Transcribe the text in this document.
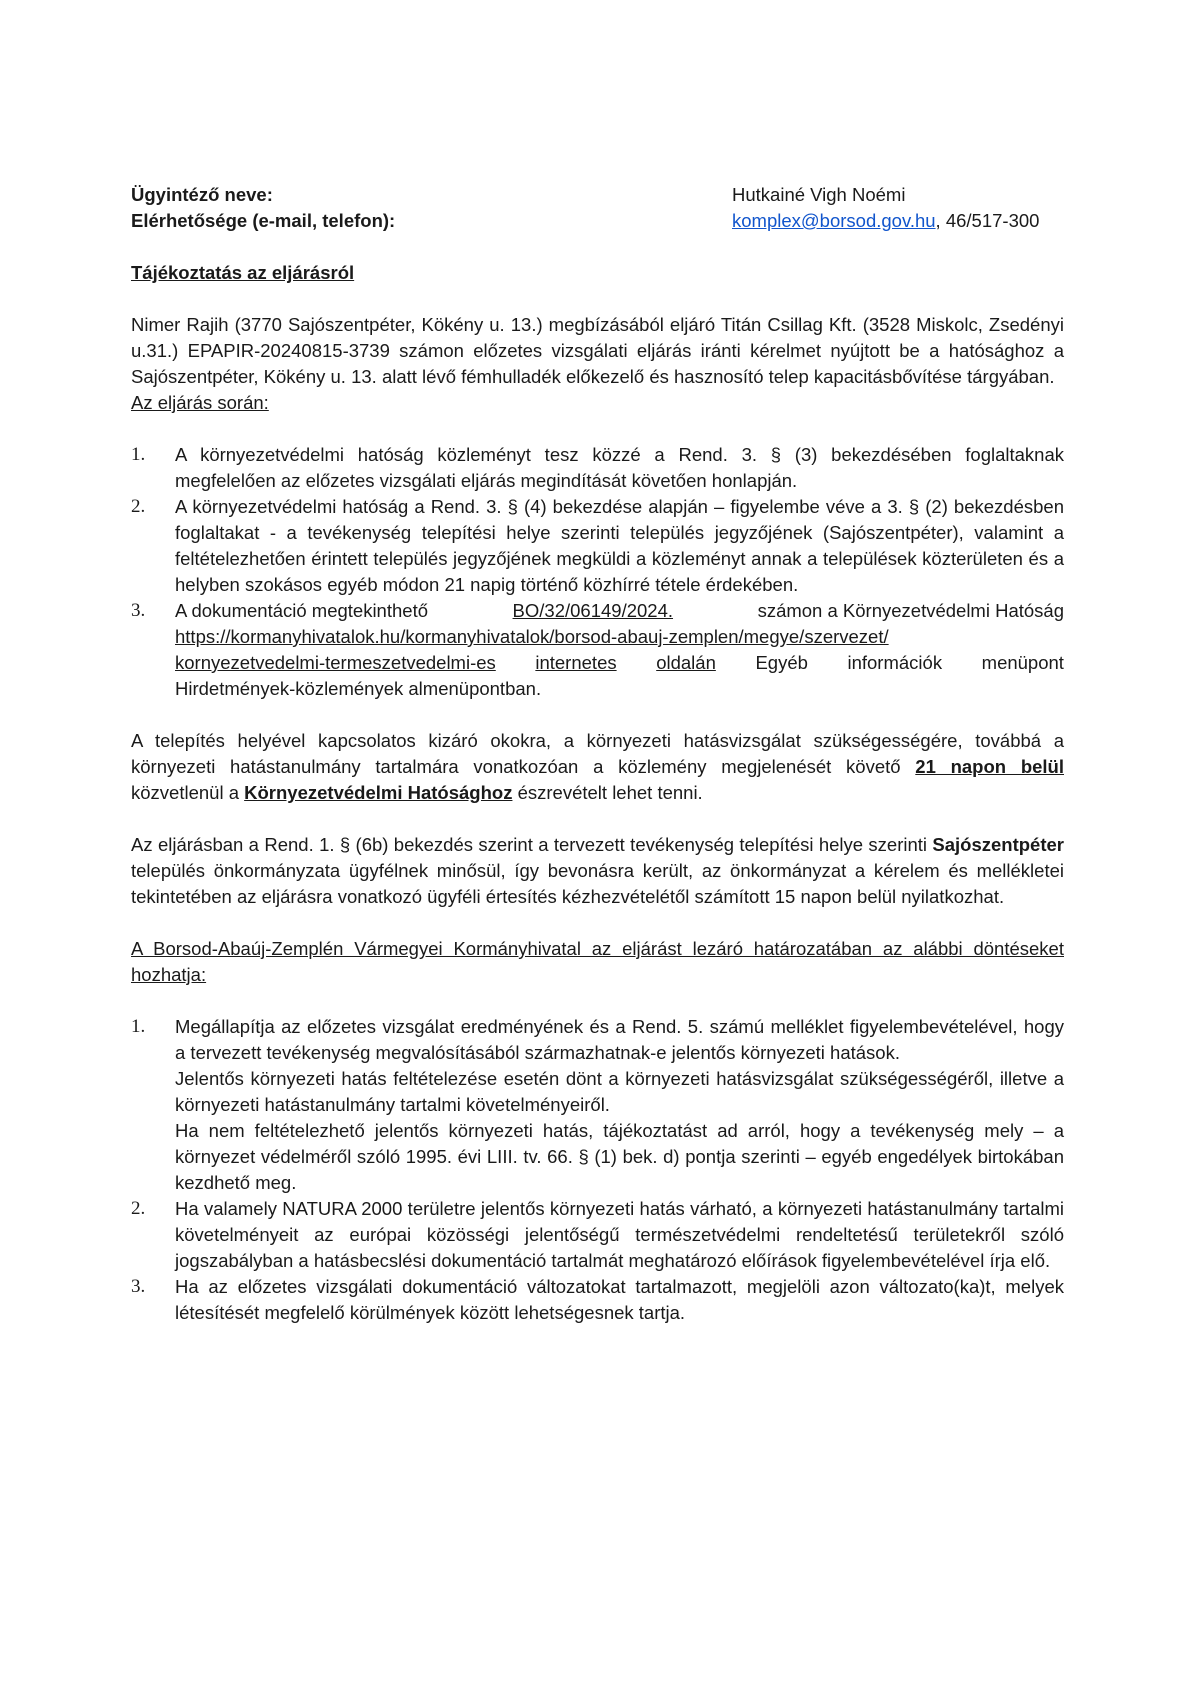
Ügyintéző neve:	Hutkainé Vigh Noémi
Elérhetősége (e-mail, telefon):	komplex@borsod.gov.hu, 46/517-300
Tájékoztatás az eljárásról
Nimer Rajih (3770 Sajószentpéter, Kökény u. 13.) megbízásából eljáró Titán Csillag Kft. (3528 Miskolc, Zsedényi u.31.) EPAPIR-20240815-3739 számon előzetes vizsgálati eljárás iránti kérelmet nyújtott be a hatósághoz a Sajószentpéter, Kökény u. 13. alatt lévő fémhulladék előkezelő és hasznosító telep kapacitásbővítése tárgyában.
Az eljárás során:
1. A környezetvédelmi hatóság közleményt tesz közzé a Rend. 3. § (3) bekezdésében foglaltaknak megfelelően az előzetes vizsgálati eljárás megindítását követően honlapján.
2. A környezetvédelmi hatóság a Rend. 3. § (4) bekezdése alapján – figyelembe véve a 3. § (2) bekezdésben foglaltakat - a tevékenység telepítési helye szerinti település jegyzőjének (Sajószentpéter), valamint a feltételezhetően érintett település jegyzőjének megküldi a közleményt annak a települések közterületen és a helyben szokásos egyéb módon 21 napig történő közhírré tétele érdekében.
3. A dokumentáció megtekinthető	BO/32/06149/2024.	számon a Környezetvédelmi Hatóság
https://kormanyhivatalok.hu/kormanyhivatalok/borsod-abauj-zemplen/megye/szervezet/
kornyezetvedelmi-termeszetvedelmi-es internetes oldalán Egyéb információk menüpont
Hirdetmények-közlemények almenüpontban.
A telepítés helyével kapcsolatos kizáró okokra, a környezeti hatásvizsgálat szükségességére, továbbá a környezeti hatástanulmány tartalmára vonatkozóan a közlemény megjelenését követő 21 napon belül közvetlenül a Környezetvédelmi Hatósághoz észrevételt lehet tenni.
Az eljárásban a Rend. 1. § (6b) bekezdés szerint a tervezett tevékenység telepítési helye szerinti Sajószentpéter település önkormányzata ügyfélnek minősül, így bevonásra került, az önkormányzat a kérelem és mellékletei tekintetében az eljárásra vonatkozó ügyféli értesítés kézhezvételétől számított 15 napon belül nyilatkozhat.
A Borsod-Abaúj-Zemplén Vármegyei Kormányhivatal az eljárást lezáró határozatában az alábbi döntéseket hozhatja:
1. Megállapítja az előzetes vizsgálat eredményének és a Rend. 5. számú melléklet figyelembevételével, hogy a tervezett tevékenység megvalósításából származhatnak-e jelentős környezeti hatások.
Jelentős környezeti hatás feltételezése esetén dönt a környezeti hatásvizsgálat szükségességéről, illetve a környezeti hatástanulmány tartalmi követelményeiről.
Ha nem feltételezhető jelentős környezeti hatás, tájékoztatást ad arról, hogy a tevékenység mely – a környezet védelméről szóló 1995. évi LIII. tv. 66. § (1) bek. d) pontja szerinti – egyéb engedélyek birtokában kezdhető meg.
2. Ha valamely NATURA 2000 területre jelentős környezeti hatás várható, a környezeti hatástanulmány tartalmi követelményeit az európai közösségi jelentőségű természetvédelmi rendeltetésű területekről szóló jogszabályban a hatásbecslési dokumentáció tartalmát meghatározó előírások figyelembevételével írja elő.
3. Ha az előzetes vizsgálati dokumentáció változatokat tartalmazott, megjelöli azon változato(ka)t, melyek létesítését megfelelő körülmények között lehetségesnek tartja.
